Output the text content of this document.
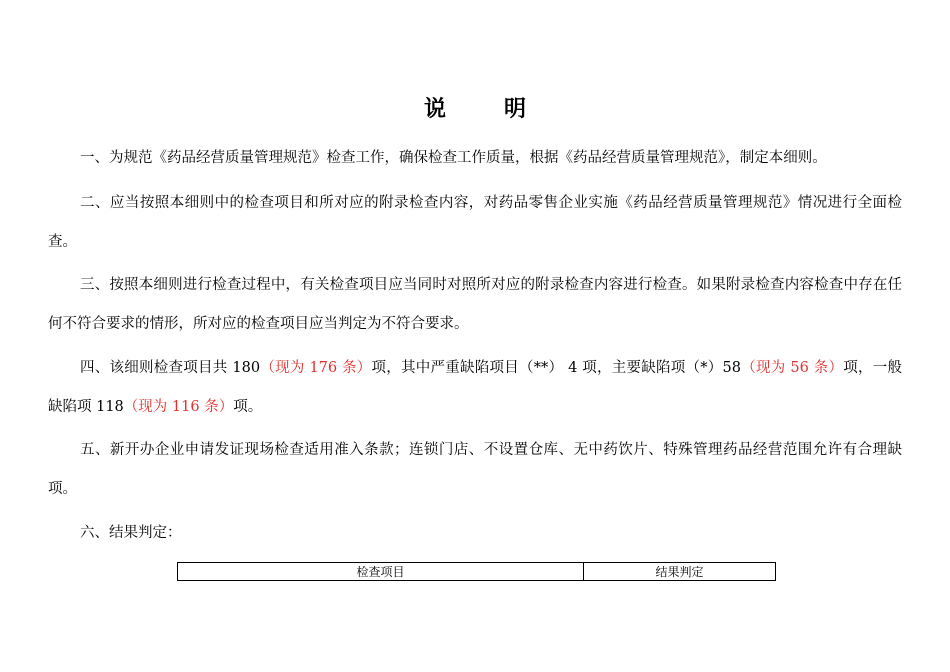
说	明
一、为规范《药品经营质量管理规范》检查工作，确保检查工作质量，根据《药品经营质量管理规范》，制定本细则。
二、应当按照本细则中的检查项目和所对应的附录检查内容，对药品零售企业实施《药品经营质量管理规范》情况进行全面检查。
三、按照本细则进行检查过程中，有关检查项目应当同时对照所对应的附录检查内容进行检查。如果附录检查内容检查中存在任何不符合要求的情形，所对应的检查项目应当判定为不符合要求。
四、该细则检查项目共 180（现为 176 条）项，其中严重缺陷项目（**） 4 项，主要缺陷项（*）58（现为 56 条）项，一般缺陷项 118（现为 116 条）项。
五、新开办企业申请发证现场检查适用准入条款；连锁门店、不设置仓库、无中药饮片、特殊管理药品经营范围允许有合理缺项。
六、结果判定：
检查项目	结果判定
